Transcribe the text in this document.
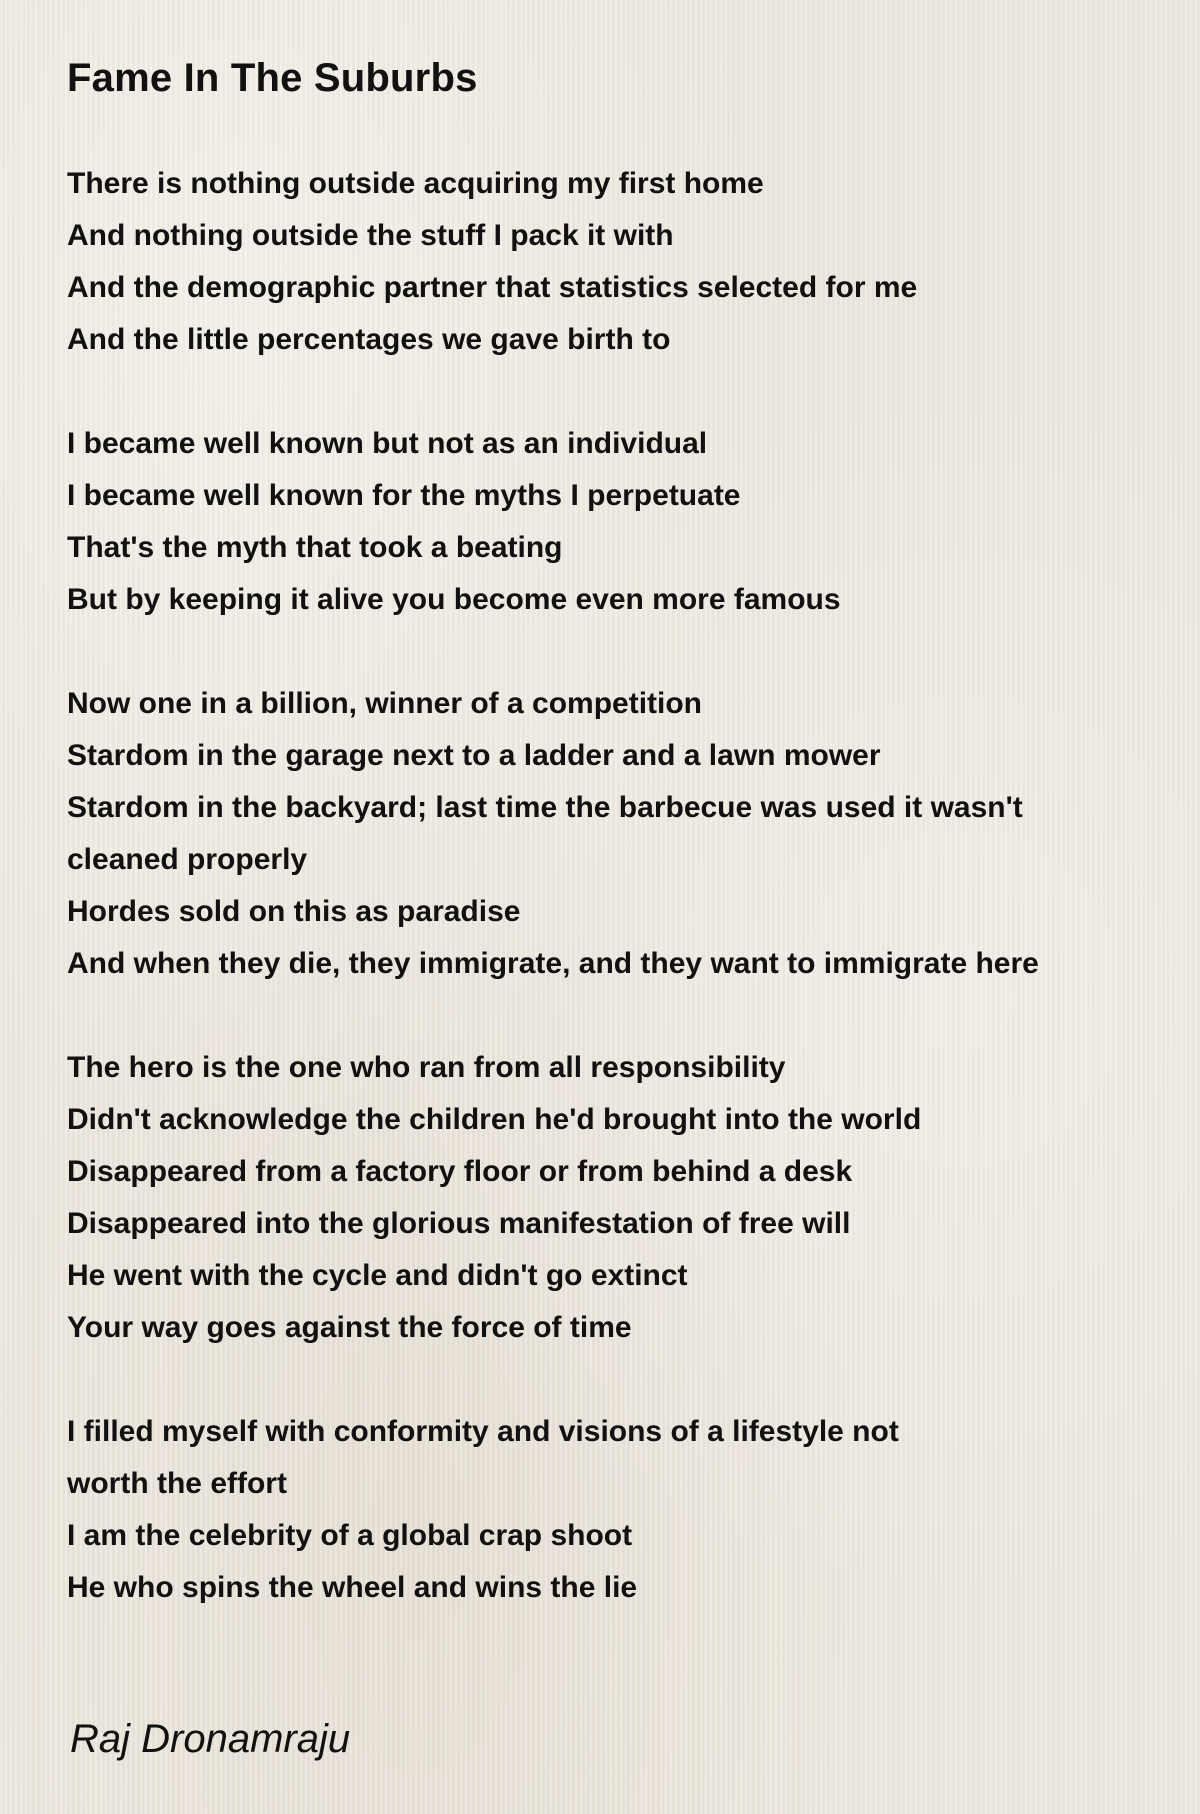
Fame In The Suburbs
There is nothing outside acquiring my first home
And nothing outside the stuff I pack it with
And the demographic partner that statistics selected for me
And the little percentages we gave birth to
I became well known but not as an individual
I became well known for the myths I perpetuate
That's the myth that took a beating
But by keeping it alive you become even more famous
Now one in a billion, winner of a competition
Stardom in the garage next to a ladder and a lawn mower
Stardom in the backyard; last time the barbecue was used it wasn't
cleaned properly
Hordes sold on this as paradise
And when they die, they immigrate, and they want to immigrate here
The hero is the one who ran from all responsibility
Didn't acknowledge the children he'd brought into the world
Disappeared from a factory floor or from behind a desk
Disappeared into the glorious manifestation of free will
He went with the cycle and didn't go extinct
Your way goes against the force of time
I filled myself with conformity and visions of a lifestyle not
worth the effort
I am the celebrity of a global crap shoot
He who spins the wheel and wins the lie
Raj Dronamraju
